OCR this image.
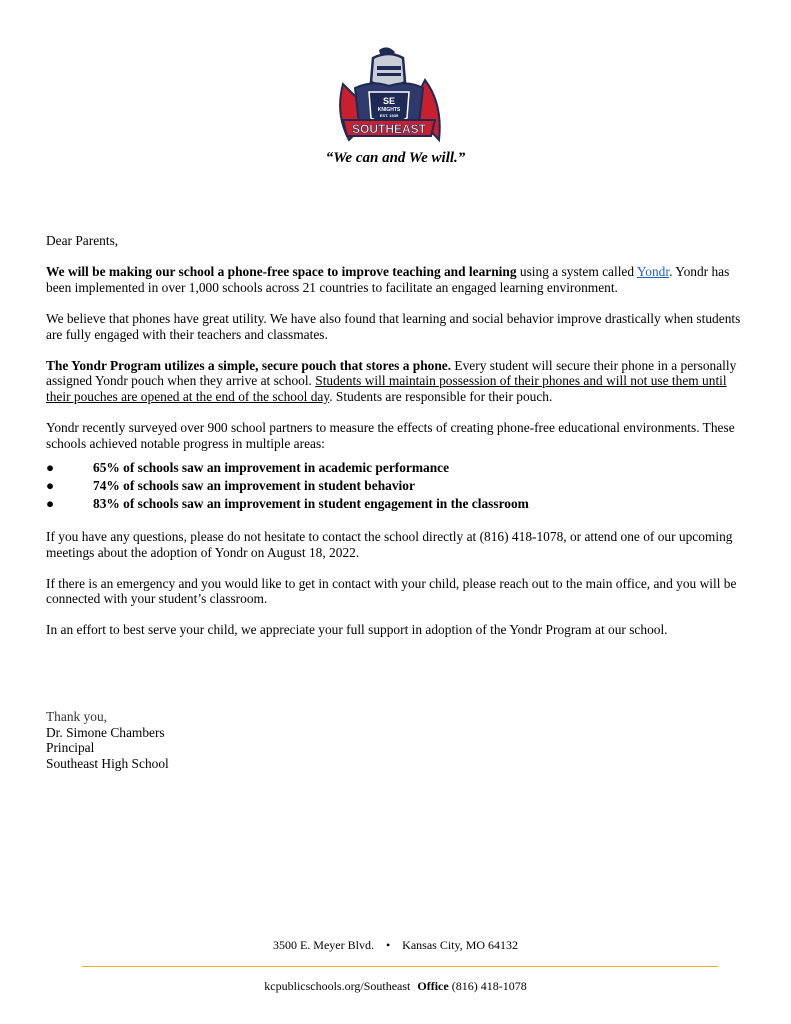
SE
KNIGHTS
EST. 1939
SOUTHEAST
“We can and We will.”

Dear Parents,

We will be making our school a phone-free space to improve teaching and learning using a system called Yondr. Yondr has been implemented in over 1,000 schools across 21 countries to facilitate an engaged learning environment.

We believe that phones have great utility. We have also found that learning and social behavior improve drastically when students are fully engaged with their teachers and classmates.

The Yondr Program utilizes a simple, secure pouch that stores a phone. Every student will secure their phone in a personally assigned Yondr pouch when they arrive at school. Students will maintain possession of their phones and will not use them until their pouches are opened at the end of the school day. Students are responsible for their pouch.

Yondr recently surveyed over 900 school partners to measure the effects of creating phone-free educational environments. These schools achieved notable progress in multiple areas:

●	65% of schools saw an improvement in academic performance
●	74% of schools saw an improvement in student behavior
●	83% of schools saw an improvement in student engagement in the classroom

If you have any questions, please do not hesitate to contact the school directly at (816) 418-1078, or attend one of our upcoming meetings about the adoption of Yondr on August 18, 2022.

If there is an emergency and you would like to get in contact with your child, please reach out to the main office, and you will be connected with your student’s classroom.

In an effort to best serve your child, we appreciate your full support in adoption of the Yondr Program at our school.

Thank you,
Dr. Simone Chambers
Principal
Southeast High School
3500 E. Meyer Blvd. • Kansas City, MO 64132
kcpublicschools.org/Southeast Office (816) 418-1078
